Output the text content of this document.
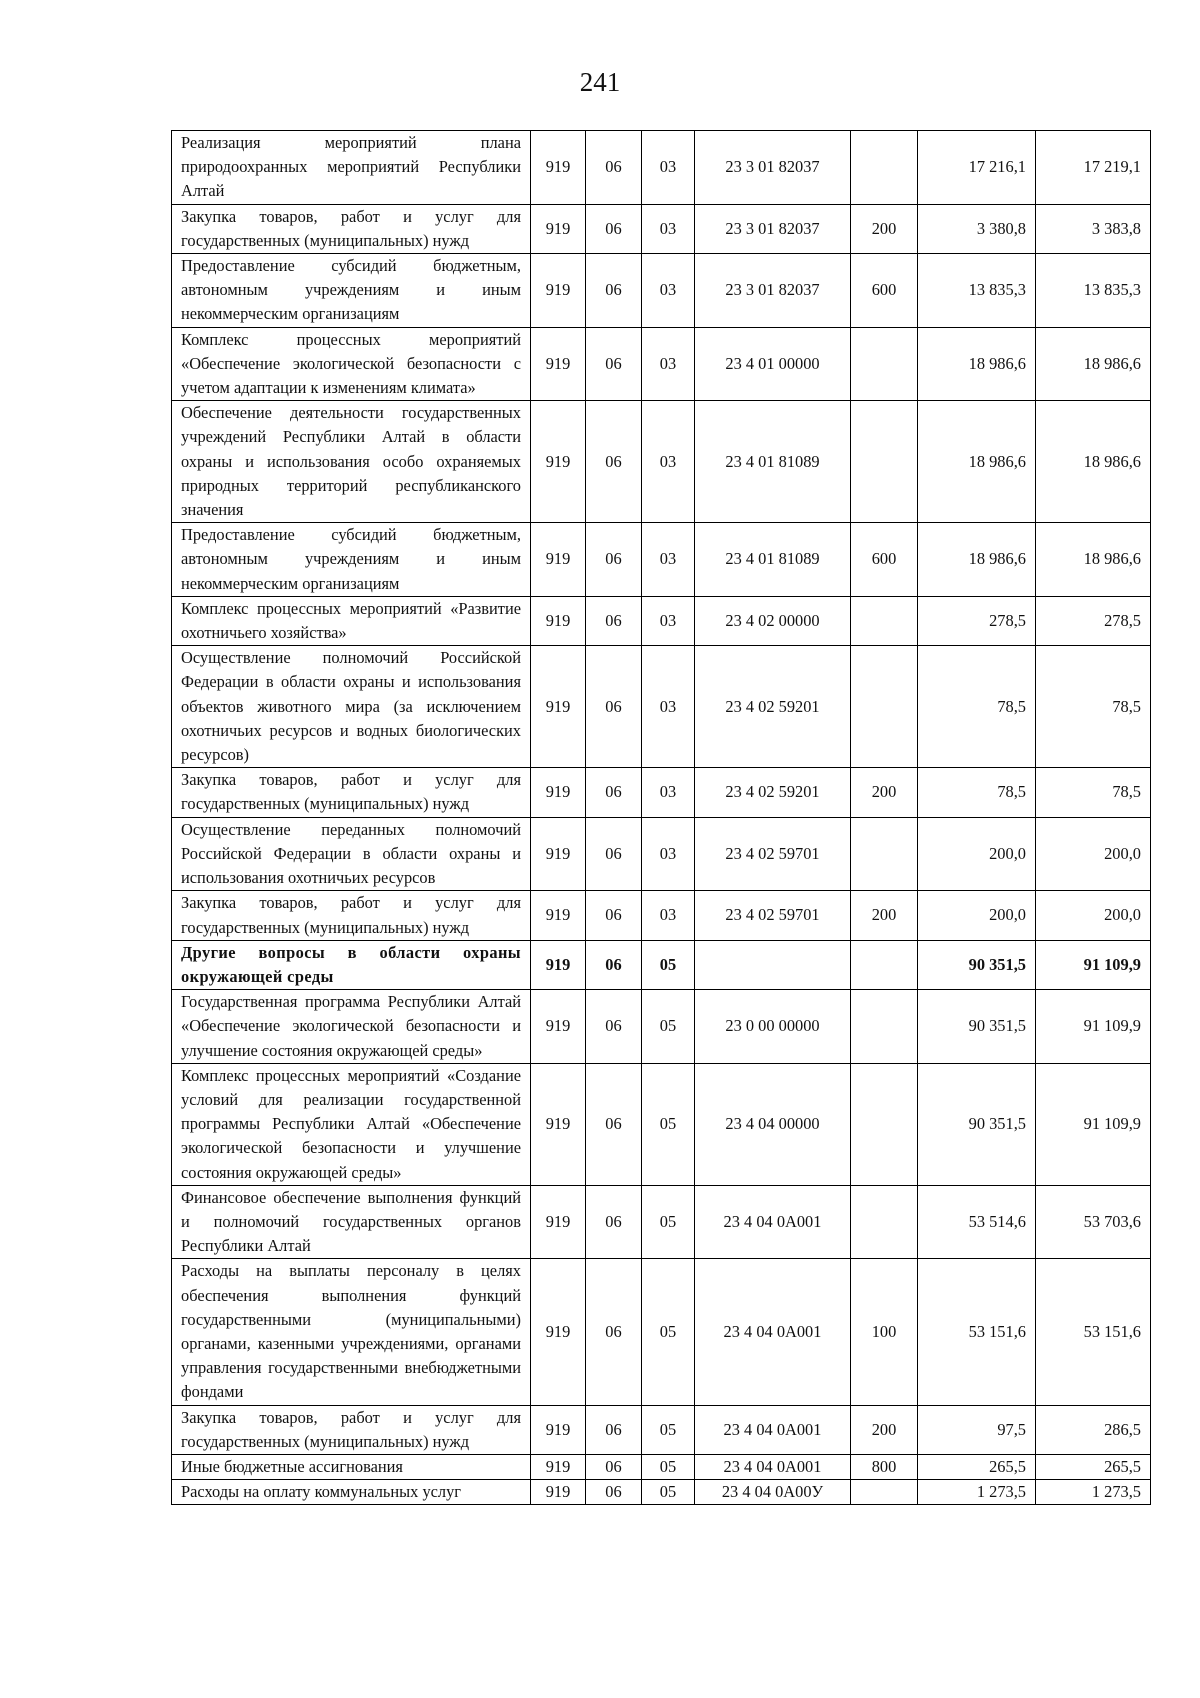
241
Реализация мероприятий плана природоохранных мероприятий Республики Алтай	919	06	03	23 3 01 82037		17 216,1	17 219,1
Закупка товаров, работ и услуг для государственных (муниципальных) нужд	919	06	03	23 3 01 82037	200	3 380,8	3 383,8
Предоставление субсидий бюджетным, автономным учреждениям и иным некоммерческим организациям	919	06	03	23 3 01 82037	600	13 835,3	13 835,3
Комплекс процессных мероприятий «Обеспечение экологической безопасности с учетом адаптации к изменениям климата»	919	06	03	23 4 01 00000		18 986,6	18 986,6
Обеспечение деятельности государственных учреждений Республики Алтай в области охраны и использования особо охраняемых природных территорий республиканского значения	919	06	03	23 4 01 81089		18 986,6	18 986,6
Предоставление субсидий бюджетным, автономным учреждениям и иным некоммерческим организациям	919	06	03	23 4 01 81089	600	18 986,6	18 986,6
Комплекс процессных мероприятий «Развитие охотничьего хозяйства»	919	06	03	23 4 02 00000		278,5	278,5
Осуществление полномочий Российской Федерации в области охраны и использования объектов животного мира (за исключением охотничьих ресурсов и водных биологических ресурсов)	919	06	03	23 4 02 59201		78,5	78,5
Закупка товаров, работ и услуг для государственных (муниципальных) нужд	919	06	03	23 4 02 59201	200	78,5	78,5
Осуществление переданных полномочий Российской Федерации в области охраны и использования охотничьих ресурсов	919	06	03	23 4 02 59701		200,0	200,0
Закупка товаров, работ и услуг для государственных (муниципальных) нужд	919	06	03	23 4 02 59701	200	200,0	200,0
Другие вопросы в области охраны окружающей среды	919	06	05			90 351,5	91 109,9
Государственная программа Республики Алтай «Обеспечение экологической безопасности и улучшение состояния окружающей среды»	919	06	05	23 0 00 00000		90 351,5	91 109,9
Комплекс процессных мероприятий «Создание условий для реализации государственной программы Республики Алтай «Обеспечение экологической безопасности и улучшение состояния окружающей среды»	919	06	05	23 4 04 00000		90 351,5	91 109,9
Финансовое обеспечение выполнения функций и полномочий государственных органов Республики Алтай	919	06	05	23 4 04 0А001		53 514,6	53 703,6
Расходы на выплаты персоналу в целях обеспечения выполнения функций государственными (муниципальными) органами, казенными учреждениями, органами управления государственными внебюджетными фондами	919	06	05	23 4 04 0А001	100	53 151,6	53 151,6
Закупка товаров, работ и услуг для государственных (муниципальных) нужд	919	06	05	23 4 04 0А001	200	97,5	286,5
Иные бюджетные ассигнования	919	06	05	23 4 04 0А001	800	265,5	265,5
Расходы на оплату коммунальных услуг	919	06	05	23 4 04 0А00У		1 273,5	1 273,5
